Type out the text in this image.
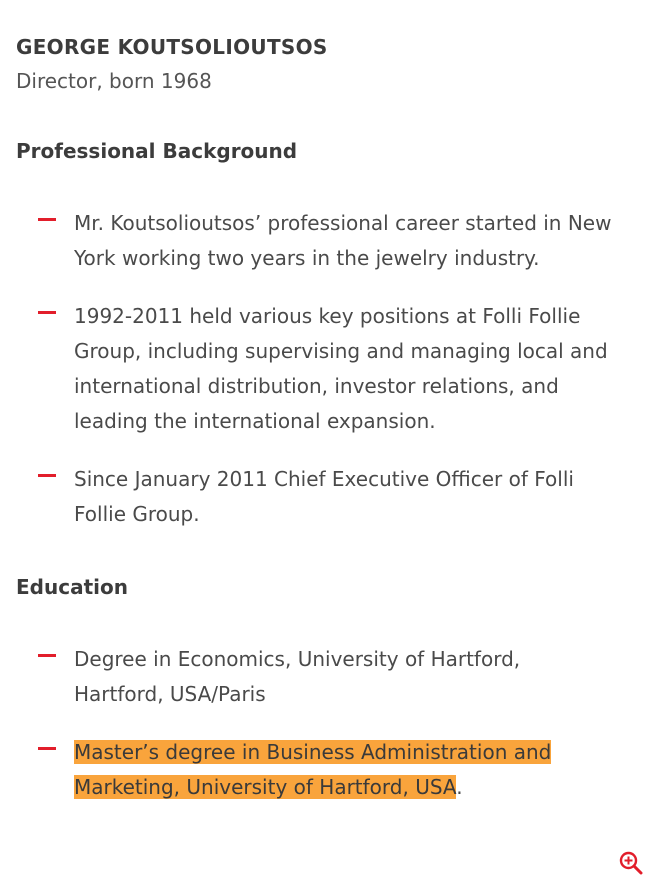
GEORGE KOUTSOLIOUTSOS
Director, born 1968
Professional Background
Mr. Koutsolioutsos’ professional career started in New York working two years in the jewelry industry.
1992-2011 held various key positions at Folli Follie Group, including supervising and managing local and international distribution, investor relations, and leading the international expansion.
Since January 2011 Chief Executive Officer of Folli Follie Group.
Education
Degree in Economics, University of Hartford, Hartford, USA/Paris
Master’s degree in Business Administration and Marketing, University of Hartford, USA.
